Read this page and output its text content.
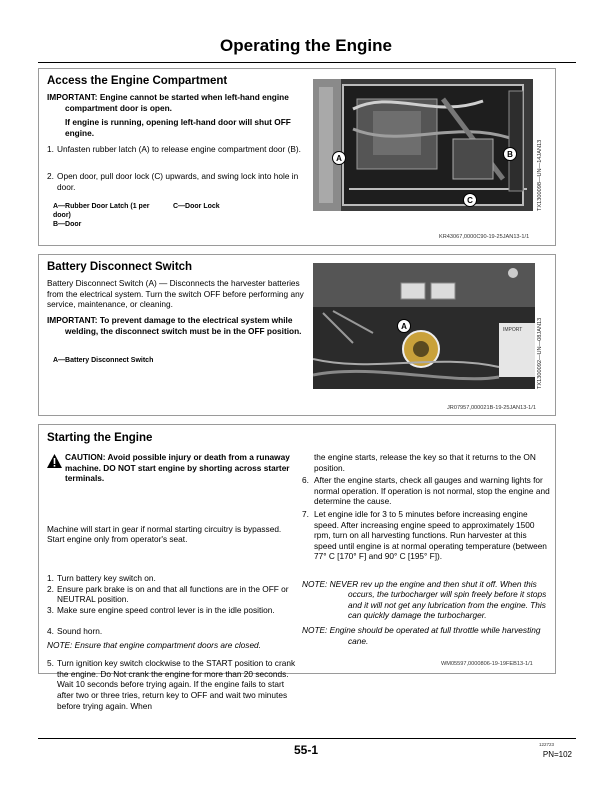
Operating the Engine
Access the Engine Compartment
IMPORTANT: Engine cannot be started when left-hand engine compartment door is open.
If engine is running, opening left-hand door will shut OFF engine.
1. Unfasten rubber latch (A) to release engine compartment door (B).
2. Open door, pull door lock (C) upwards, and swing lock into hole in door.
A—Rubber Door Latch (1 per door)
B—Door
C—Door Lock
A	B
C	TX1300098—UN—14JAN13
KR43067,0000C90-19-25JAN13-1/1
Battery Disconnect Switch
Battery Disconnect Switch (A) — Disconnects the harvester batteries from the electrical system. Turn the switch OFF before performing any service, maintenance, or cleaning.
IMPORTANT: To prevent damage to the electrical system while welding, the disconnect switch must be in the OFF position.
A—Battery Disconnect Switch
IMPORT
A	TX1300092—UN—08JAN13
JR07957,000021B-19-25JAN13-1/1
Starting the Engine
CAUTION: Avoid possible injury or death from a runaway machine. DO NOT start engine by shorting across starter terminals.
Machine will start in gear if normal starting circuitry is bypassed. Start engine only from operator's seat.
1. Turn battery key switch on.
2. Ensure park brake is on and that all functions are in the OFF or NEUTRAL position.
3. Make sure engine speed control lever is in the idle position.
4. Sound horn.
NOTE: Ensure that engine compartment doors are closed.
5. Turn ignition key switch clockwise to the START position to crank the engine. Do Not crank the engine for more than 20 seconds. Wait 10 seconds before trying again. If the engine fails to start after two or three tries, return key to OFF and wait two minutes before trying again. When
the engine starts, release the key so that it returns to the ON position.
6. After the engine starts, check all gauges and warning lights for normal operation. If operation is not normal, stop the engine and determine the cause.
7. Let engine idle for 3 to 5 minutes before increasing engine speed. After increasing engine speed to approximately 1500 rpm, turn on all harvesting functions. Run harvester at this speed until engine is at normal operating temperature (between 77° C [170° F] and 90° C [195° F]).
NOTE: NEVER rev up the engine and then shut it off. When this occurs, the turbocharger will spin freely before it stops and it will not get any lubrication from the engine. This can quickly damage the turbocharger.
NOTE: Engine should be operated at full throttle while harvesting cane.
WM05597,0000806-19-19FEB13-1/1
55-1	122723
PN=102
